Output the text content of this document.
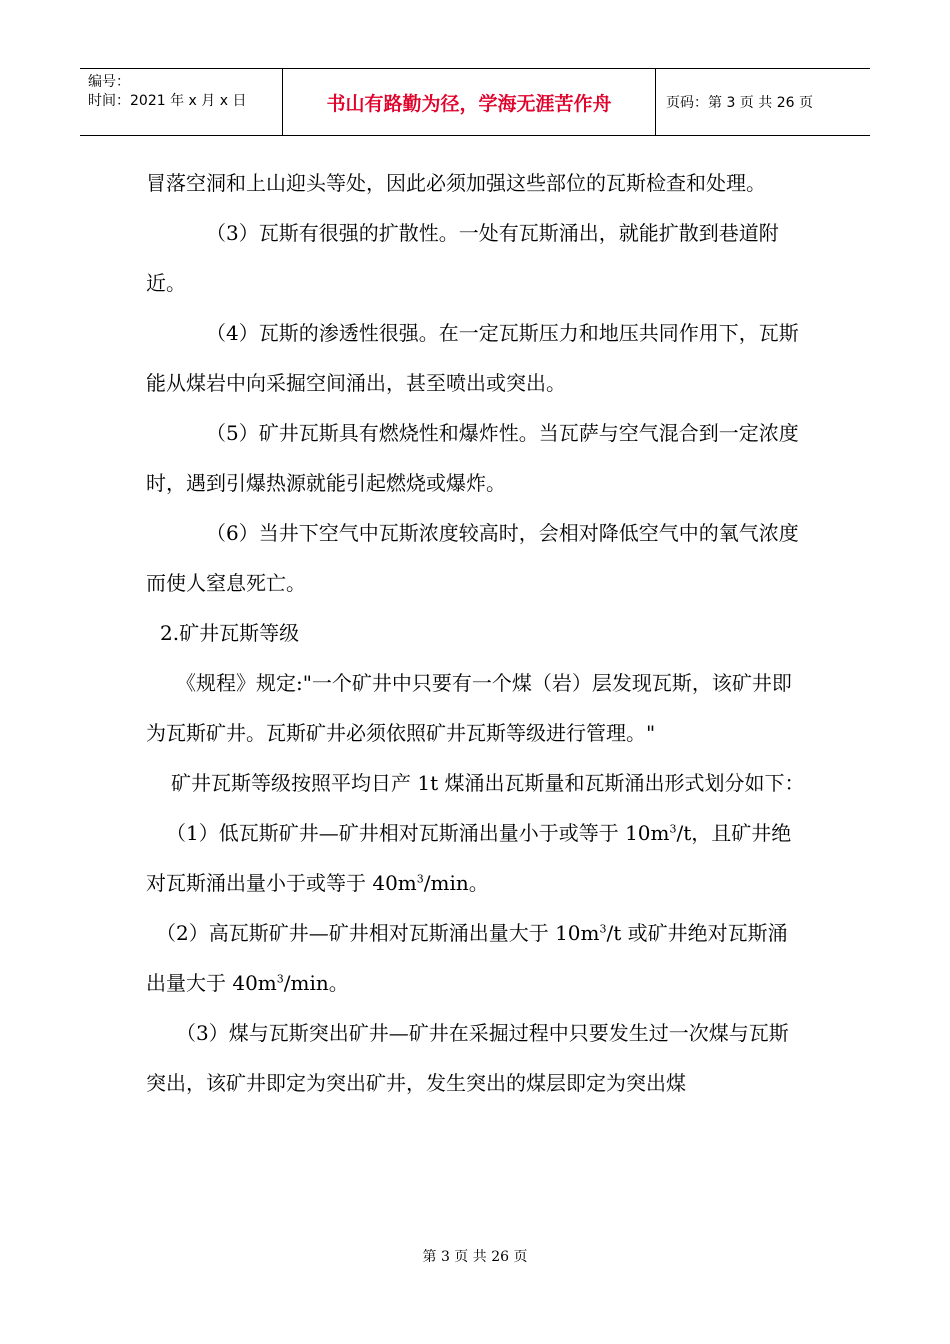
编号：
时间：2021 年 x 月 x 日	书山有路勤为径，学海无涯苦作舟	页码：第 3 页 共 26 页

冒落空洞和上山迎头等处，因此必须加强这些部位的瓦斯检查和处理。

（3）瓦斯有很强的扩散性。一处有瓦斯涌出，就能扩散到巷道附近。

（4）瓦斯的渗透性很强。在一定瓦斯压力和地压共同作用下，瓦斯能从煤岩中向采掘空间涌出，甚至喷出或突出。

（5）矿井瓦斯具有燃烧性和爆炸性。当瓦萨与空气混合到一定浓度时，遇到引爆热源就能引起燃烧或爆炸。

（6）当井下空气中瓦斯浓度较高时，会相对降低空气中的氧气浓度而使人窒息死亡。

2.矿井瓦斯等级

《规程》规定:"一个矿井中只要有一个煤（岩）层发现瓦斯，该矿井即为瓦斯矿井。瓦斯矿井必须依照矿井瓦斯等级进行管理。"

矿井瓦斯等级按照平均日产 1t 煤涌出瓦斯量和瓦斯涌出形式划分如下：

（1）低瓦斯矿井—矿井相对瓦斯涌出量小于或等于 $10m^3/t$，且矿井绝对瓦斯涌出量小于或等于 $40m^3/\min$。

（2）高瓦斯矿井—矿井相对瓦斯涌出量大于 $10m^3/t$ 或矿井绝对瓦斯涌出量大于 $40m^3/\min$。

（3）煤与瓦斯突出矿井—矿井在采掘过程中只要发生过一次煤与瓦斯突出，该矿井即定为突出矿井，发生突出的煤层即定为突出煤

第 3 页 共 26 页
